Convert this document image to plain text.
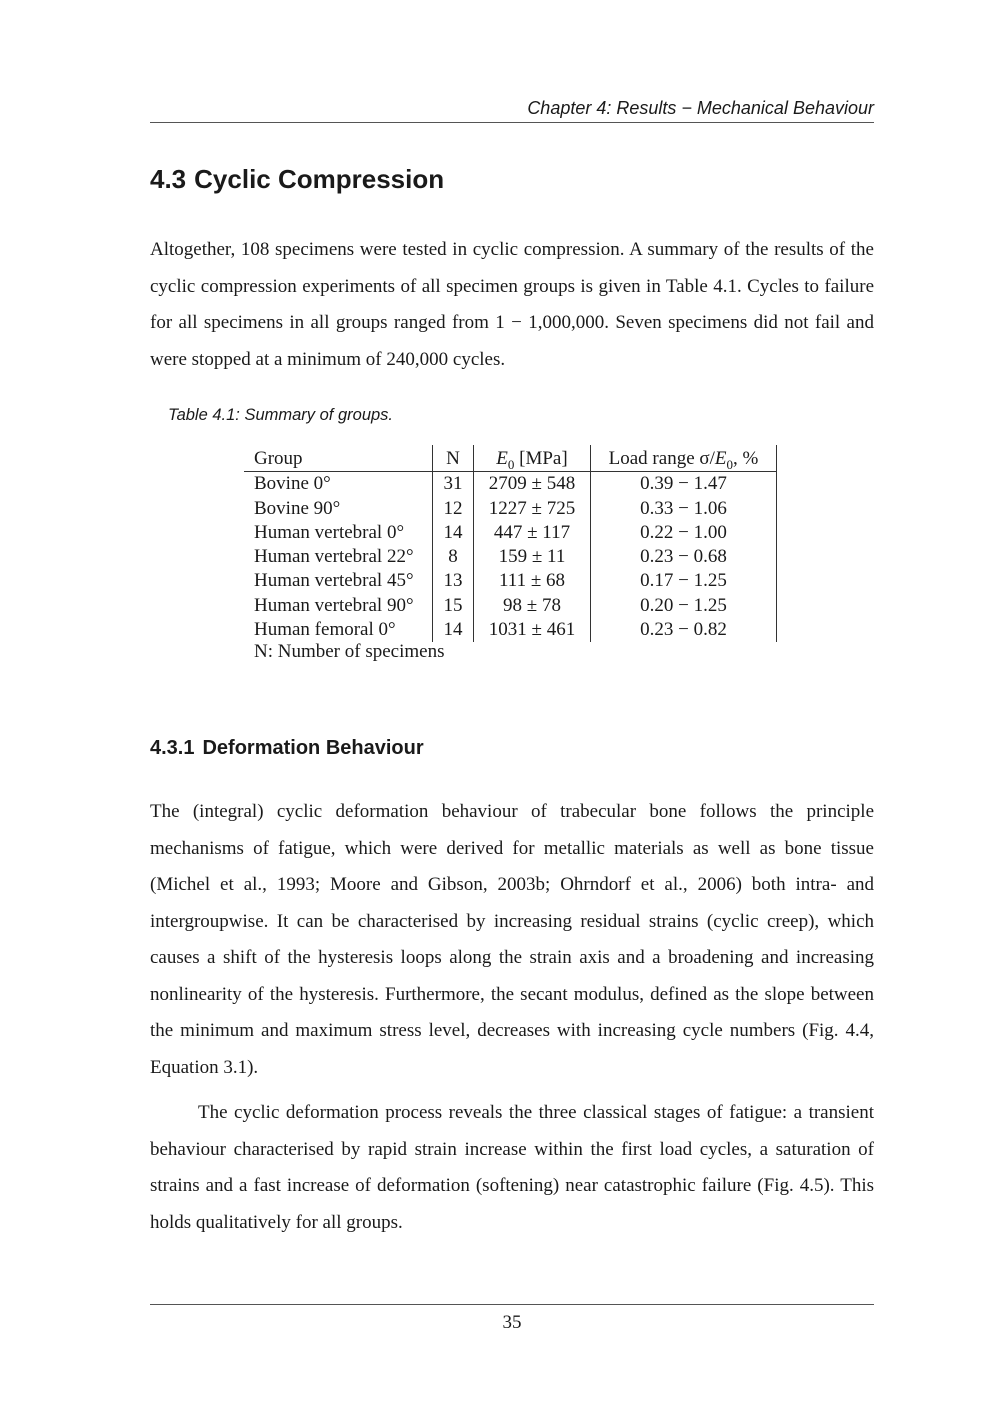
Chapter 4: Results − Mechanical Behaviour
4.3 Cyclic Compression

Altogether, 108 specimens were tested in cyclic compression. A summary of the results of the cyclic compression experiments of all specimen groups is given in Table 4.1. Cycles to failure for all specimens in all groups ranged from 1 − 1,000,000. Seven specimens did not fail and were stopped at a minimum of 240,000 cycles.

Table 4.1: Summary of groups.
Group	N	$E_0$ [MPa]	Load range $\sigma/E_0$, %
Bovine 0°	31	2709 ± 548	0.39 − 1.47
Bovine 90°	12	1227 ± 725	0.33 − 1.06
Human vertebral 0°	14	447 ± 117	0.22 − 1.00
Human vertebral 22°	8	159 ± 11	0.23 − 0.68
Human vertebral 45°	13	111 ± 68	0.17 − 1.25
Human vertebral 90°	15	98 ± 78	0.20 − 1.25
Human femoral 0°	14	1031 ± 461	0.23 − 0.82
N: Number of specimens
4.3.1 Deformation Behaviour

The (integral) cyclic deformation behaviour of trabecular bone follows the principle mechanisms of fatigue, which were derived for metallic materials as well as bone tissue (Michel et al., 1993; Moore and Gibson, 2003b; Ohrndorf et al., 2006) both intra- and intergroupwise. It can be characterised by increasing residual strains (cyclic creep), which causes a shift of the hysteresis loops along the strain axis and a broadening and increasing nonlinearity of the hysteresis. Furthermore, the secant modulus, defined as the slope between the minimum and maximum stress level, decreases with increasing cycle numbers (Fig. 4.4, Equation 3.1).

The cyclic deformation process reveals the three classical stages of fatigue: a transient behaviour characterised by rapid strain increase within the first load cycles, a saturation of strains and a fast increase of deformation (softening) near catastrophic failure (Fig. 4.5). This holds qualitatively for all groups.

35
